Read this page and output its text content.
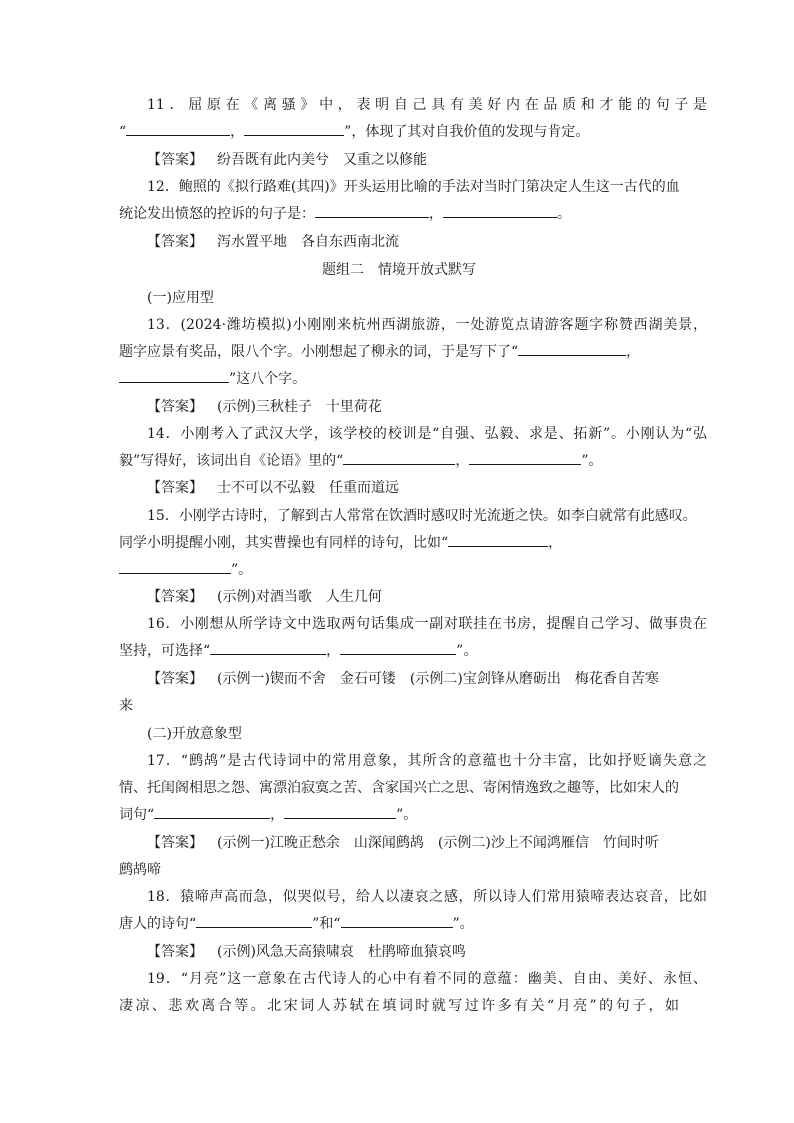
11．屈原在《离骚》中，表明自己具有美好内在品质和才能的句子是
“	，	”，体现了其对自我价值的发现与肯定。
【答案】 纷吾既有此内美兮 又重之以修能
12．鲍照的《拟行路难(其四)》开头运用比喻的手法对当时门第决定人生这一古代的血
统论发出愤怒的控诉的句子是：	，	。
【答案】 泻水置平地 各自东西南北流
题组二　情境开放式默写
(一)应用型
13．(2024·潍坊模拟)小刚刚来杭州西湖旅游，一处游览点请游客题字称赞西湖美景，
题字应景有奖品，限八个字。小刚想起了柳永的词，于是写下了“	，
”这八个字。
【答案】 (示例)三秋桂子 十里荷花
14．小刚考入了武汉大学，该学校的校训是“自强、弘毅、求是、拓新”。小刚认为“弘
毅”写得好，该词出自《论语》里的“	，	”。
【答案】 士不可以不弘毅 任重而道远
15．小刚学古诗时，了解到古人常常在饮酒时感叹时光流逝之快。如李白就常有此感叹。
同学小明提醒小刚，其实曹操也有同样的诗句，比如“	，
”。
【答案】 (示例)对酒当歌 人生几何
16．小刚想从所学诗文中选取两句话集成一副对联挂在书房，提醒自己学习、做事贵在
坚持，可选择“	，	”。
【答案】 (示例一)锲而不舍　金石可镂　(示例二)宝剑锋从磨砺出　梅花香自苦寒
来
(二)开放意象型
17．“鹧鸪”是古代诗词中的常用意象，其所含的意蕴也十分丰富，比如抒贬谪失意之
情、托闺阁相思之怨、寓漂泊寂寞之苦、含家国兴亡之思、寄闲情逸致之趣等，比如宋人的
词句“	，	”。
【答案】 (示例一)江晚正愁余　山深闻鹧鸪　(示例二)沙上不闻鸿雁信　竹间时听
鹧鸪啼
18．猿啼声高而急，似哭似号，给人以凄哀之感，所以诗人们常用猿啼表达哀音，比如
唐人的诗句“	”和“	”。
【答案】 (示例)风急天高猿啸哀　杜鹃啼血猿哀鸣
19．“月亮”这一意象在古代诗人的心中有着不同的意蕴：幽美、自由、美好、永恒、
凄凉、悲欢离合等。北宋词人苏轼在填词时就写过许多有关“月亮”的句子，如
